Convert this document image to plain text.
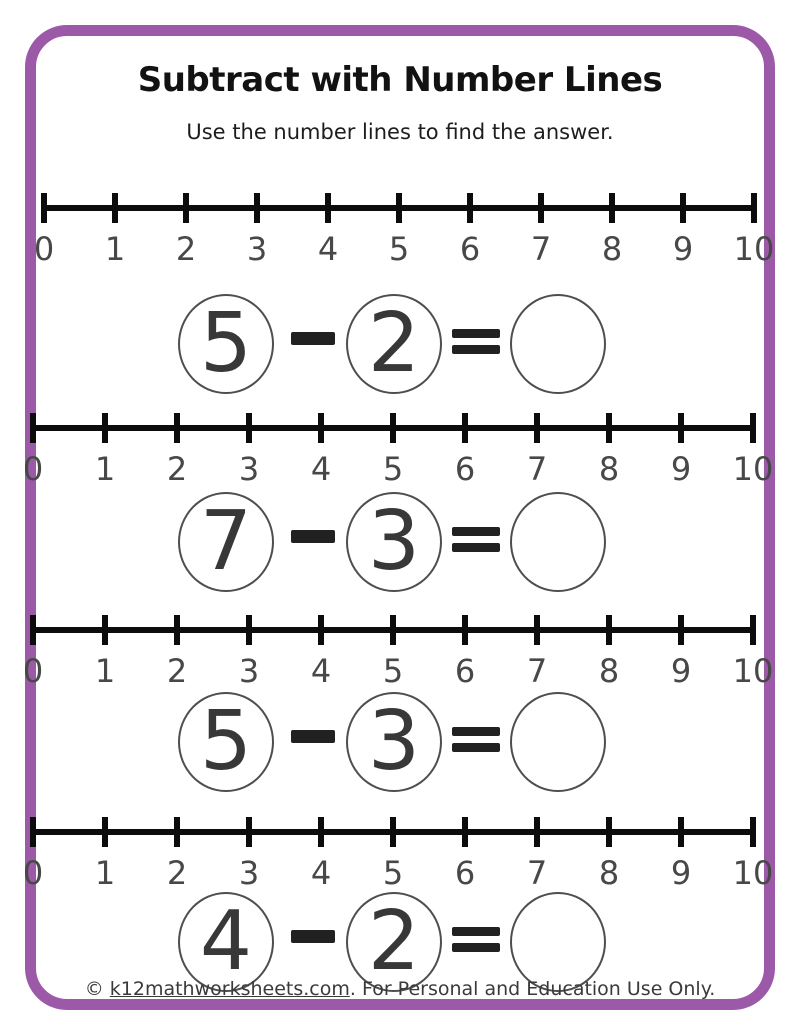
Subtract with Number Lines
Use the number lines to find the answer.
0 1 2 3 4 5 6 7 8 9 10
0 1 2 3 4 5 6 7 8 9 10
0 1 2 3 4 5 6 7 8 9 10
0 1 2 3 4 5 6 7 8 9 10
5 2
7 3
5 3
4 2
© k12mathworksheets.com. For Personal and Education Use Only.
